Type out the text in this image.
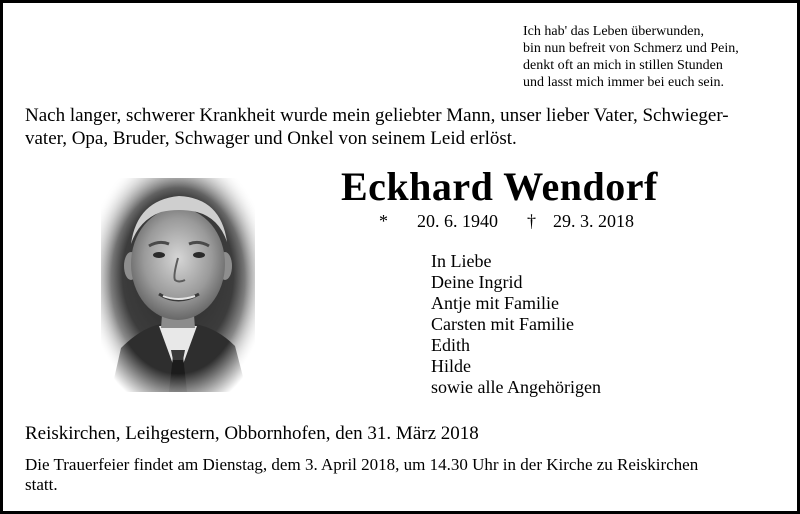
Ich hab' das Leben überwunden,
bin nun befreit von Schmerz und Pein,
denkt oft an mich in stillen Stunden
und lasst mich immer bei euch sein.
Nach langer, schwerer Krankheit wurde mein geliebter Mann, unser lieber Vater, Schwieger-
vater, Opa, Bruder, Schwager und Onkel von seinem Leid erlöst.
Eckhard Wendorf
* 20. 6. 1940 † 29. 3. 2018
In Liebe
Deine Ingrid
Antje mit Familie
Carsten mit Familie
Edith
Hilde
sowie alle Angehörigen
Reiskirchen, Leihgestern, Obbornhofen, den 31. März 2018
Die Trauerfeier findet am Dienstag, dem 3. April 2018, um 14.30 Uhr in der Kirche zu Reiskirchen
statt.
